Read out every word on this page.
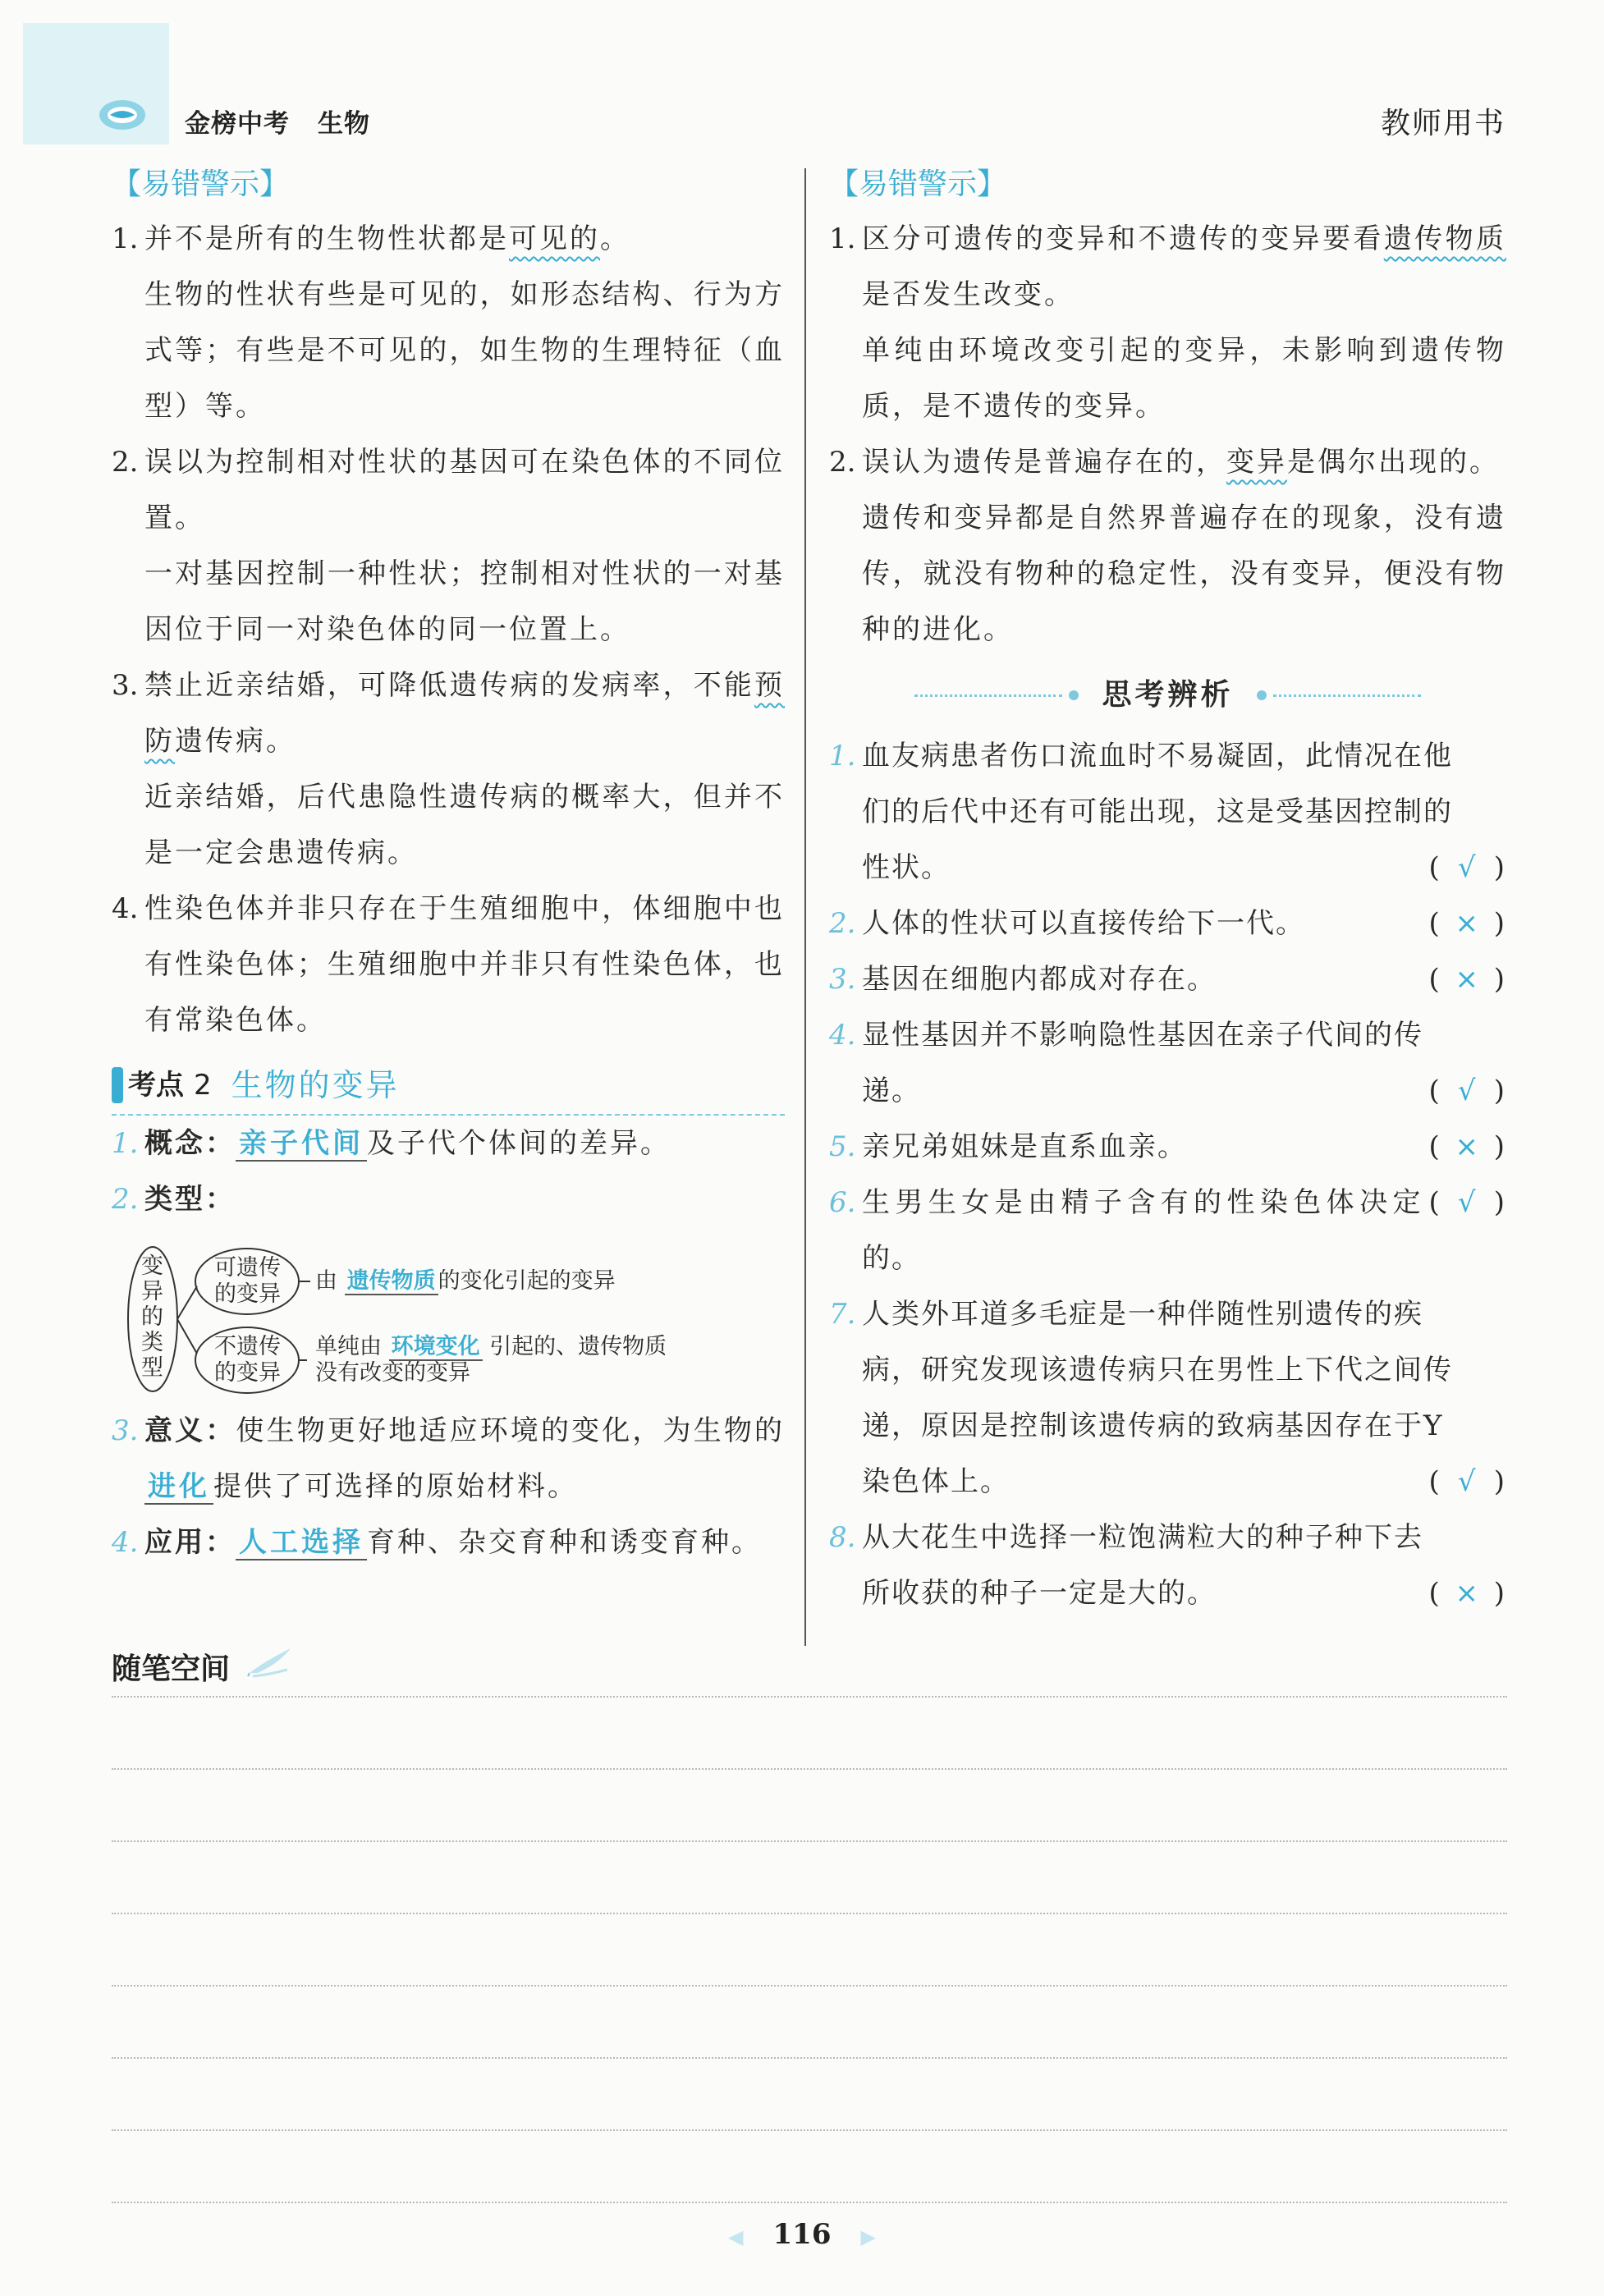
金榜中考 生物	教师用书
【易错警示】
1. 并不是所有的生物性状都是可见的。
生物的性状有些是可见的，如形态结构、行为方式等；有些是不可见的，如生物的生理特征（血型）等。
2. 误以为控制相对性状的基因可在染色体的不同位置。
一对基因控制一种性状；控制相对性状的一对基因位于同一对染色体的同一位置上。
3. 禁止近亲结婚，可降低遗传病的发病率，不能预防遗传病。
近亲结婚，后代患隐性遗传病的概率大，但并不是一定会患遗传病。
4. 性染色体并非只存在于生殖细胞中，体细胞中也有性染色体；生殖细胞中并非只有性染色体，也有常染色体。
考点 2 生物的变异
1. 概念： 亲子代间 及子代个体间的差异。
2. 类型：
变
异
的
类
型
可遗传
的变异
不遗传
的变异
由 遗传物质 的变化引起的变异
单纯由 环境变化 引起的、遗传物质
没有改变的变异
3. 意义：使生物更好地适应环境的变化，为生物的进化 提供了可选择的原始材料。
4. 应用： 人工选择 育种、杂交育种和诱变育种。
【易错警示】
1. 区分可遗传的变异和不遗传的变异要看遗传物质是否发生改变。
单纯由环境改变引起的变异，未影响到遗传物质，是不遗传的变异。
2. 误认为遗传是普遍存在的，变异是偶尔出现的。
遗传和变异都是自然界普遍存在的现象，没有遗传，就没有物种的稳定性，没有变异，便没有物种的进化。
思考辨析
1. 血友病患者伤口流血时不易凝固，此情况在他
们的后代中还有可能出现，这是受基因控制的
性状。	( √ )
2. 人体的性状可以直接传给下一代。	( × )
3. 基因在细胞内都成对存在。	( × )
4. 显性基因并不影响隐性基因在亲子代间的传
递。	( √ )
5. 亲兄弟姐妹是直系血亲。	( × )
6. 生男生女是由精子含有的性染色体决定的。
( √ )
7. 人类外耳道多毛症是一种伴随性别遗传的疾
病，研究发现该遗传病只在男性上下代之间传
递，原因是控制该遗传病的致病基因存在于Y
染色体上。	( √ )
8. 从大花生中选择一粒饱满粒大的种子种下去
所收获的种子一定是大的。	( × )
随笔空间
◀ 116 ▶
